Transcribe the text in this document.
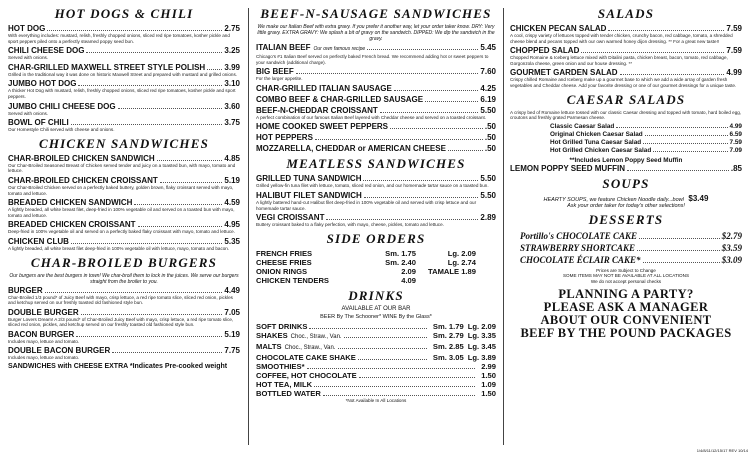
HOT DOGS & CHILI
HOT DOG	2.75
With everything includes: mustard, relish, freshly chopped onions, sliced red ripe tomatoes, kosher pickle and sport peppers piled onto a perfectly steamed poppy seed bun.
CHILI CHEESE DOG	3.25
Served with onions.
CHAR-GRILLED MAXWELL STREET STYLE POLISH 3.99
Grilled in the traditional way it was done on historic Maxwell Street and prepared with mustard and grilled onions.
JUMBO HOT DOG	3.10
A thicker Hot Dog with mustard, relish, freshly chopped onions, sliced red ripe tomatoes, kosher pickle and sport peppers.
JUMBO CHILI CHEESE DOG	3.60
Served with onions.
BOWL OF CHILI	3.75
Our Homestyle Chili served with cheese and onions.
CHICKEN SANDWICHES
CHAR-BROILED CHICKEN SANDWICH	4.85
Our Char-Broiled Seasoned Breast of Chicken served tender and juicy on a toasted bun, with mayo, tomato and lettuce.
CHAR-BROILED CHICKEN CROISSANT	5.19
Our Char-Broiled Chicken served on a perfectly baked buttery, golden brown, flaky croissant served with mayo, tomato and lettuce.
BREADED CHICKEN SANDWICH	4.59
A lightly breaded, all white breast filet, deep-fried in 100% vegetable oil and served on a toasted bun with mayo, tomato and lettuce.
BREADED CHICKEN CROISSANT	4.95
Deep-fried in 100% vegetable oil and served on a perfectly baked flaky croissant with mayo, tomato and lettuce.
CHICKEN CLUB	5.35
A lightly breaded, all white breast filet deep-fried in 100% vegetable oil with lettuce, mayo, tomato and bacon.
CHAR-BROILED BURGERS
Our burgers are the best burgers in town! We char-broil them to lock in the juices. We serve our burgers straight from the broiler to you.
BURGER	4.49
Char-Broiled 1/3 pound* of Juicy Beef with mayo, crisp lettuce, a red ripe tomato slice, sliced red onion, pickles and ketchup served on our freshly toasted old fashioned style bun.
DOUBLE BURGER	7.05
Burger Lovers Dream! A 2/3 pound* of Char-Broiled Juicy Beef with mayo, crisp lettuce, a red ripe tomato slice, sliced red onion, pickles, and ketchup served on our freshly toasted old fashioned style bun.
BACON BURGER	5.19
Includes mayo, lettuce and tomato.
DOUBLE BACON BURGER	7.75
Includes mayo, lettuce and tomato.
SANDWICHES with CHEESE EXTRA *Indicates Pre-cooked weight
BEEF-N-SAUSAGE SANDWICHES
We make our Italian Beef with extra gravy. If you prefer it another way, let your order taker know. DRY: Very little gravy. EXTRA GRAVY: We splash a bit of gravy on the sandwich. DIPPED: We dip the sandwich in the gravy.
ITALIAN BEEF Our own famous recipe	5.45
Chicago's #1 Italian Beef served on perfectly baked French bread. We recommend adding hot or sweet peppers to your sandwich (additional charge).
BIG BEEF	7.60
For the larger appetite.
CHAR-GRILLED ITALIAN SAUSAGE	4.25
COMBO BEEF & CHAR-GRILLED SAUSAGE	6.19
BEEF-N-CHEDDAR CROISSANT	5.50
A perfect combination of our famous Italian Beef layered with Cheddar cheese and served on a toasted croissant.
HOME COOKED SWEET PEPPERS	.50
HOT PEPPERS	.50
MOZZARELLA, CHEDDAR or AMERICAN CHEESE	.50
MEATLESS SANDWICHES
GRILLED TUNA SANDWICH	5.50
Grilled yellow-fin tuna filet with lettuce, tomato, sliced red onion, and our homemade tartar sauce on a toasted bun.
HALIBUT FILET SANDWICH	5.50
A lightly battered hand-cut Halibut filet deep-fried in 100% vegetable oil and served with crisp lettuce and our homemade tartar sauce.
VEGI CROISSANT	2.89
Buttery croissant baked to a flaky perfection, with mayo, cheese, pickles, tomato and lettuce.
SIDE ORDERS
FRENCH FRIES	Sm. 1.75	Lg. 2.09
CHEESE FRIES	Sm. 2.40	Lg. 2.74
ONION RINGS	2.09	TAMALE 1.89
CHICKEN TENDERS	4.09
DRINKS
AVAILABLE AT OUR BAR
BEER By The Schooner* WINE By the Glass*
SOFT DRINKS	Sm. 1.79 Lg. 2.09
SHAKES Choc., Straw., Van.	Sm. 2.79 Lg. 3.35
MALTS Choc., Straw., Van.	Sm. 2.85 Lg. 3.45
CHOCOLATE CAKE SHAKE	Sm. 3.05 Lg. 3.89
SMOOTHIES*	2.99
COFFEE, HOT CHOCOLATE	1.50
HOT TEA, MILK	1.09
BOTTLED WATER	1.50
*Not Available In All Locations
SALADS
CHICKEN PECAN SALAD	7.59
A cool, crispy variety of lettuces topped with tender chicken, crunchy bacon, red cabbage, tomato, a shredded cheese blend and pecans topped with our own warmed honey dijon dressing. ** For a great new taste!!
CHOPPED SALAD	7.59
Chopped Romaine & Iceberg lettuce mixed with Ditalini pasta, chicken breast, bacon, tomato, red cabbage, Gorgonzola cheese, green onion and our house dressing. **
GOURMET GARDEN SALAD	4.99
Crispy chilled Romaine and Iceberg make up a gourmet base to which we add a wide array of garden fresh vegetables and Cheddar cheese. Add your favorite dressing or one of our gourmet dressings for a unique taste.
CAESAR SALADS
A crispy bed of Romaine lettuce tossed with our classic Caesar dressing and topped with tomato, hard boiled egg, croutons and freshly grated Parmesan cheese.
Classic Caesar Salad	4.99
Original Chicken Caesar Salad	6.59
Hot Grilled Tuna Caesar Salad	7.59
Hot Grilled Chicken Caesar Salad	7.09
**Includes Lemon Poppy Seed Muffin
LEMON POPPY SEED MUFFIN	.85
SOUPS
HEARTY SOUPS, we feature Chicken Noodle daily...bowl $3.49
Ask your order taker for today's other selections!
DESSERTS
Portillo's CHOCOLATE CAKE	$2.79
STRAWBERRY SHORTCAKE	$3.59
CHOCOLATE ÉCLAIR CAKE*	$3.09
Prices are Subject to Change
SOME ITEMS MAY NOT BE AVAILABLE AT ALL LOCATIONS
We do not accept personal checks
PLANNING A PARTY?
PLEASE ASK A MANAGER
ABOUT OUR CONVENIENT
BEEF BY THE POUND PACKAGES
1/4/8/11/12/15/17 REV 10/14
